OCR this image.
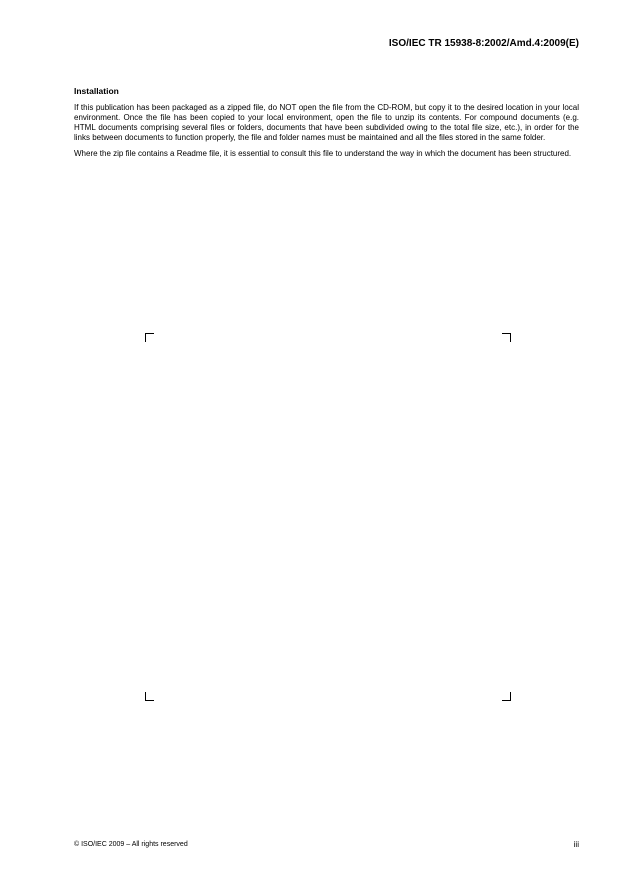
ISO/IEC TR 15938-8:2002/Amd.4:2009(E)
Installation

If this publication has been packaged as a zipped file, do NOT open the file from the CD-ROM, but copy it to the desired location in your local environment. Once the file has been copied to your local environment, open the file to unzip its contents. For compound documents (e.g. HTML documents comprising several files or folders, documents that have been subdivided owing to the total file size, etc.), in order for the links between documents to function properly, the file and folder names must be maintained and all the files stored in the same folder.

Where the zip file contains a Readme file, it is essential to consult this file to understand the way in which the document has been structured.

© ISO/IEC 2009 – All rights reserved	iii
